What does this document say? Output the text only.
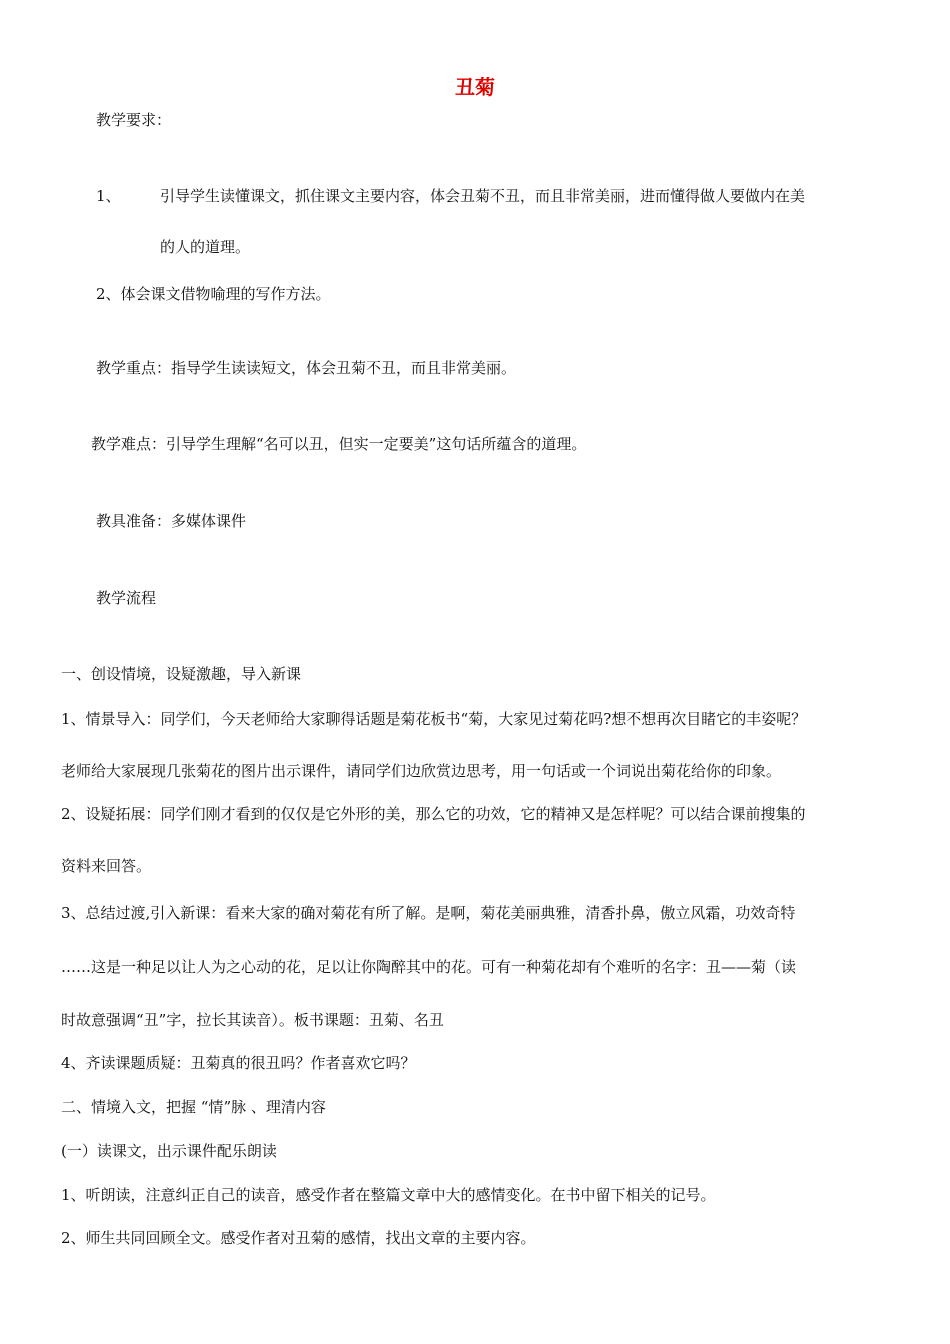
丑菊

教学要求：

1、	引导学生读懂课文，抓住课文主要内容，体会丑菊不丑，而且非常美丽，进而懂得做人要做内在美

的人的道理。

2、体会课文借物喻理的写作方法。

教学重点：指导学生读读短文，体会丑菊不丑，而且非常美丽。

教学难点：引导学生理解“名可以丑，但实一定要美”这句话所蕴含的道理。

教具准备：多媒体课件

教学流程

一、创设情境，设疑激趣，导入新课

1、情景导入：同学们，今天老师给大家聊得话题是菊花板书“菊，大家见过菊花吗?想不想再次目睹它的丰姿呢？

老师给大家展现几张菊花的图片出示课件，请同学们边欣赏边思考，用一句话或一个词说出菊花给你的印象。

2、设疑拓展：同学们刚才看到的仅仅是它外形的美，那么它的功效，它的精神又是怎样呢？可以结合课前搜集的

资料来回答。

3、总结过渡,引入新课：看来大家的确对菊花有所了解。是啊，菊花美丽典雅，清香扑鼻，傲立风霜，功效奇特

……这是一种足以让人为之心动的花，足以让你陶醉其中的花。可有一种菊花却有个难听的名字：丑——菊（读

时故意强调“丑”字，拉长其读音）。板书课题：丑菊、名丑

4、齐读课题质疑：丑菊真的很丑吗？作者喜欢它吗？

二、情境入文，把握 “情”脉 、理清内容

(一）读课文，出示课件配乐朗读

1、听朗读，注意纠正自己的读音，感受作者在整篇文章中大的感情变化。在书中留下相关的记号。

2、师生共同回顾全文。感受作者对丑菊的感情，找出文章的主要内容。
